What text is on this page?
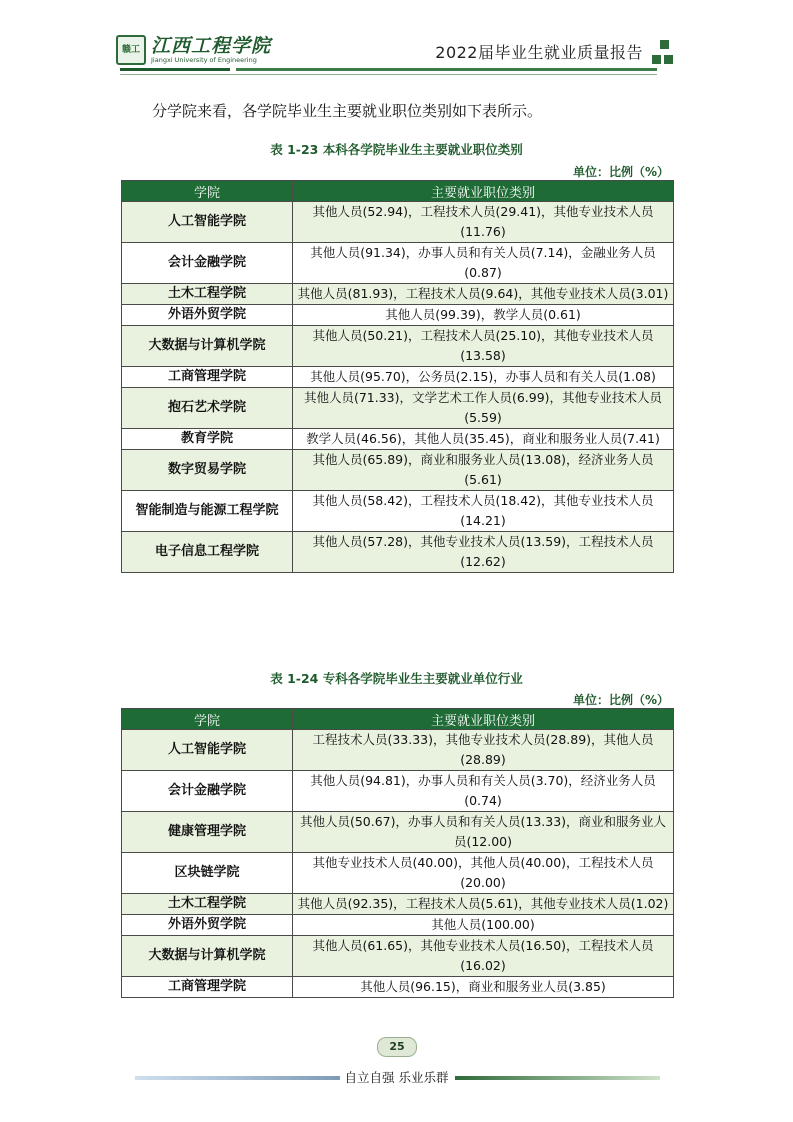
赣工 江西工程学院
Jiangxi University of Engineering	2022届毕业生就业质量报告
分学院来看，各学院毕业生主要就业职位类别如下表所示。
表 1-23 本科各学院毕业生主要就业职位类别
单位：比例（%）
学院	主要就业职位类别
人工智能学院	其他人员(52.94)，工程技术人员(29.41)，其他专业技术人员(11.76)
会计金融学院	其他人员(91.34)，办事人员和有关人员(7.14)，金融业务人员(0.87)
土木工程学院	其他人员(81.93)，工程技术人员(9.64)，其他专业技术人员(3.01)
外语外贸学院	其他人员(99.39)，教学人员(0.61)
大数据与计算机学院	其他人员(50.21)，工程技术人员(25.10)，其他专业技术人员(13.58)
工商管理学院	其他人员(95.70)，公务员(2.15)，办事人员和有关人员(1.08)
抱石艺术学院	其他人员(71.33)，文学艺术工作人员(6.99)，其他专业技术人员(5.59)
教育学院	教学人员(46.56)，其他人员(35.45)，商业和服务业人员(7.41)
数字贸易学院	其他人员(65.89)，商业和服务业人员(13.08)，经济业务人员(5.61)
智能制造与能源工程学院	其他人员(58.42)，工程技术人员(18.42)，其他专业技术人员(14.21)
电子信息工程学院	其他人员(57.28)，其他专业技术人员(13.59)，工程技术人员(12.62)
表 1-24 专科各学院毕业生主要就业单位行业
单位：比例（%）
学院	主要就业职位类别
人工智能学院	工程技术人员(33.33)，其他专业技术人员(28.89)，其他人员(28.89)
会计金融学院	其他人员(94.81)，办事人员和有关人员(3.70)，经济业务人员(0.74)
健康管理学院	其他人员(50.67)，办事人员和有关人员(13.33)，商业和服务业人员(12.00)
区块链学院	其他专业技术人员(40.00)，其他人员(40.00)，工程技术人员(20.00)
土木工程学院	其他人员(92.35)，工程技术人员(5.61)，其他专业技术人员(1.02)
外语外贸学院	其他人员(100.00)
大数据与计算机学院	其他人员(61.65)，其他专业技术人员(16.50)，工程技术人员(16.02)
工商管理学院	其他人员(96.15)，商业和服务业人员(3.85)
25
自立自强 乐业乐群
